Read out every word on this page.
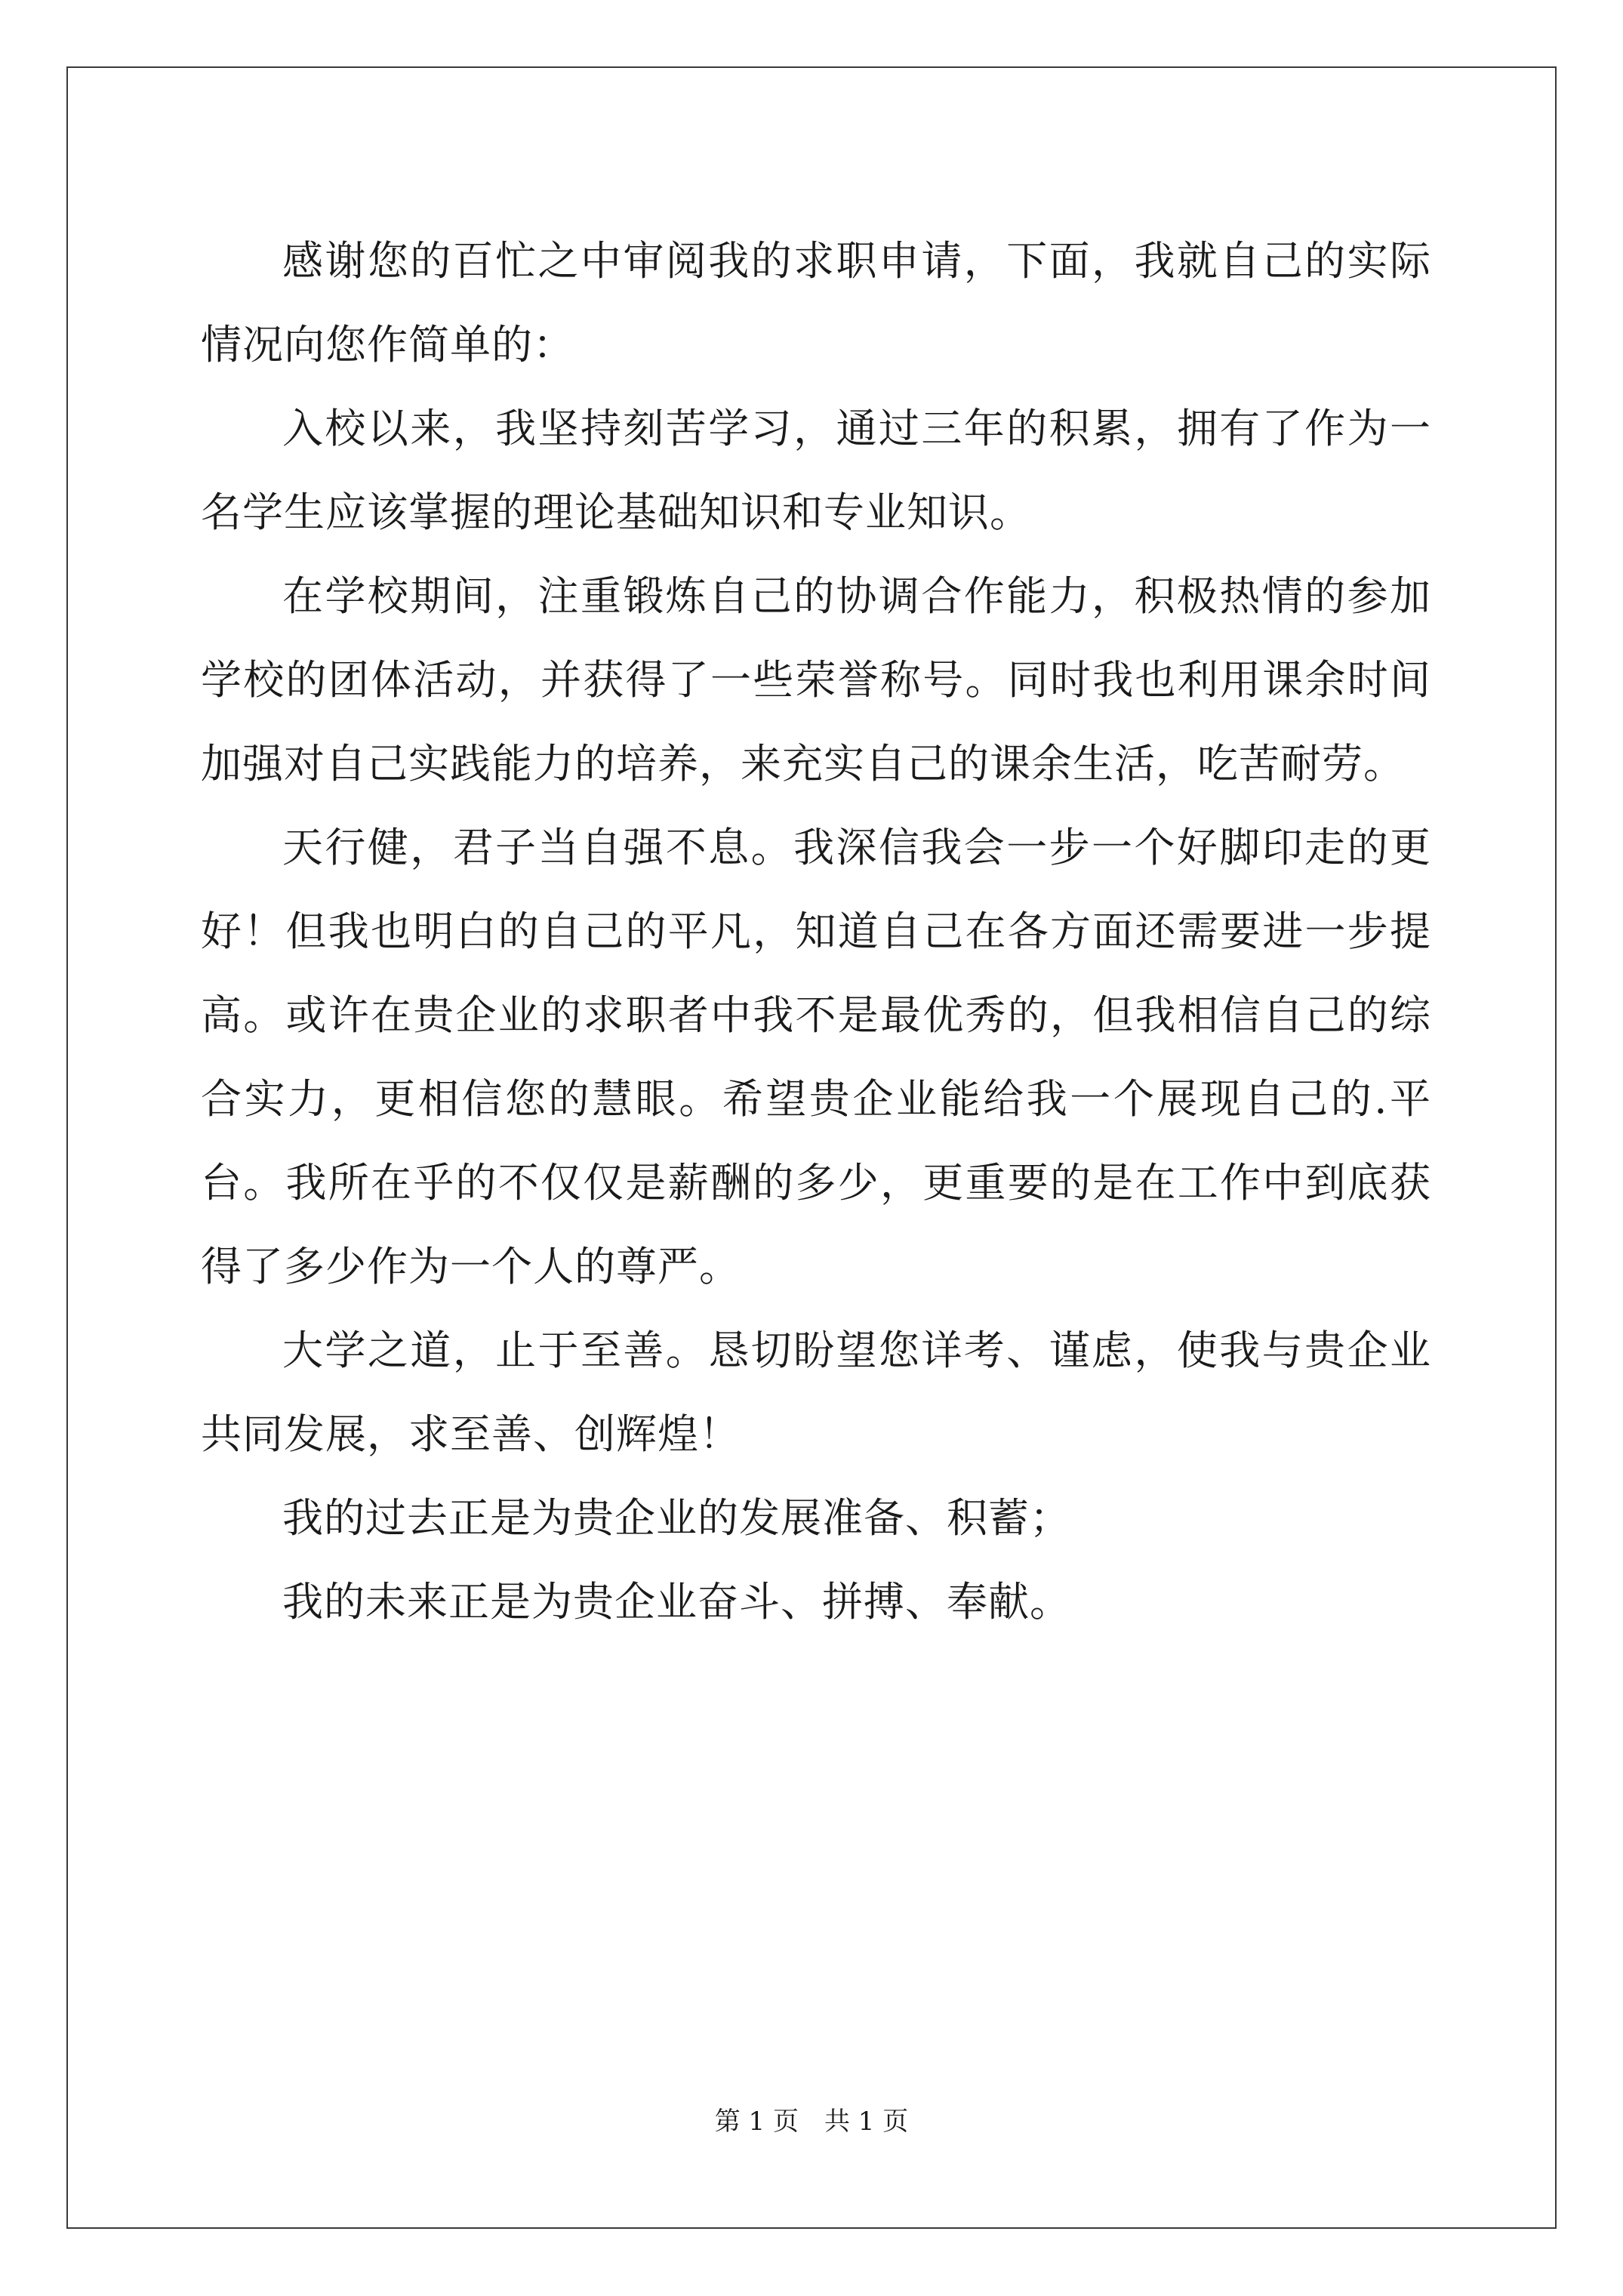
感谢您的百忙之中审阅我的求职申请，下面，我就自己的实际情况向您作简单的：

入校以来，我坚持刻苦学习，通过三年的积累，拥有了作为一名学生应该掌握的理论基础知识和专业知识。

在学校期间，注重锻炼自己的协调合作能力，积极热情的参加学校的团体活动，并获得了一些荣誉称号。同时我也利用课余时间加强对自己实践能力的培养，来充实自己的课余生活，吃苦耐劳。

天行健，君子当自强不息。我深信我会一步一个好脚印走的更好！但我也明白的自己的平凡，知道自己在各方面还需要进一步提高。或许在贵企业的求职者中我不是最优秀的，但我相信自己的综合实力，更相信您的慧眼。希望贵企业能给我一个展现自己的.平台。我所在乎的不仅仅是薪酬的多少，更重要的是在工作中到底获得了多少作为一个人的尊严。

大学之道，止于至善。恳切盼望您详考、谨虑，使我与贵企业共同发展，求至善、创辉煌！

我的过去正是为贵企业的发展准备、积蓄；

我的未来正是为贵企业奋斗、拼搏、奉献。

第 1 页　共 1 页
